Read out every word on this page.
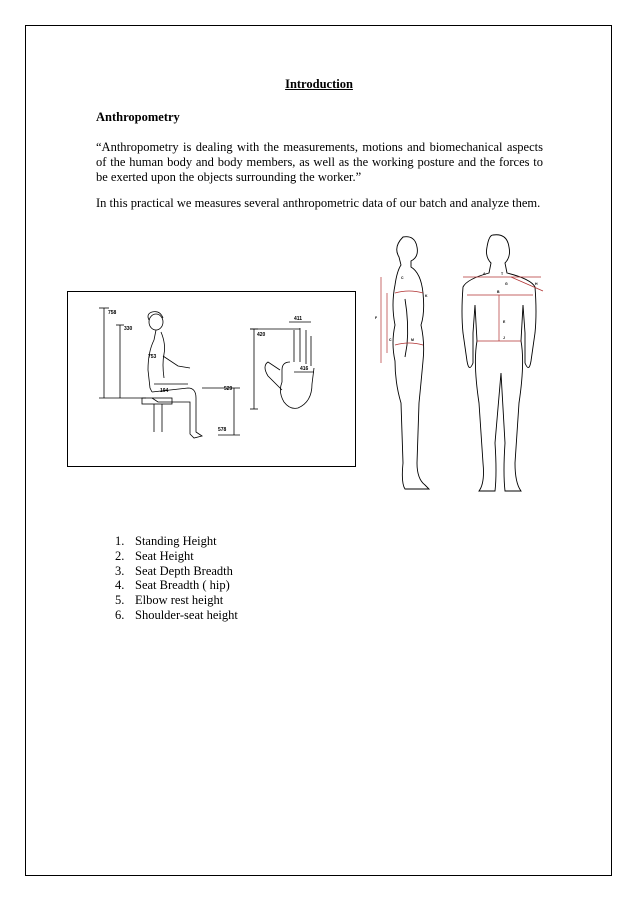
Introduction
Anthropometry
“Anthropometry is dealing with the measurements, motions and biomechanical aspects of the human body and body members, as well as the working posture and the forces to be exerted upon the objects surrounding the worker.”
In this practical we measures several anthropometric data of our batch and analyze them.
758
330
753
194	529
578
420
411
416
C
K
F
C	M
A	T
H
G
B
E
J
1. Standing Height
2. Seat Height
3. Seat Depth Breadth
4. Seat Breadth ( hip)
5. Elbow rest height
6. Shoulder-seat height
